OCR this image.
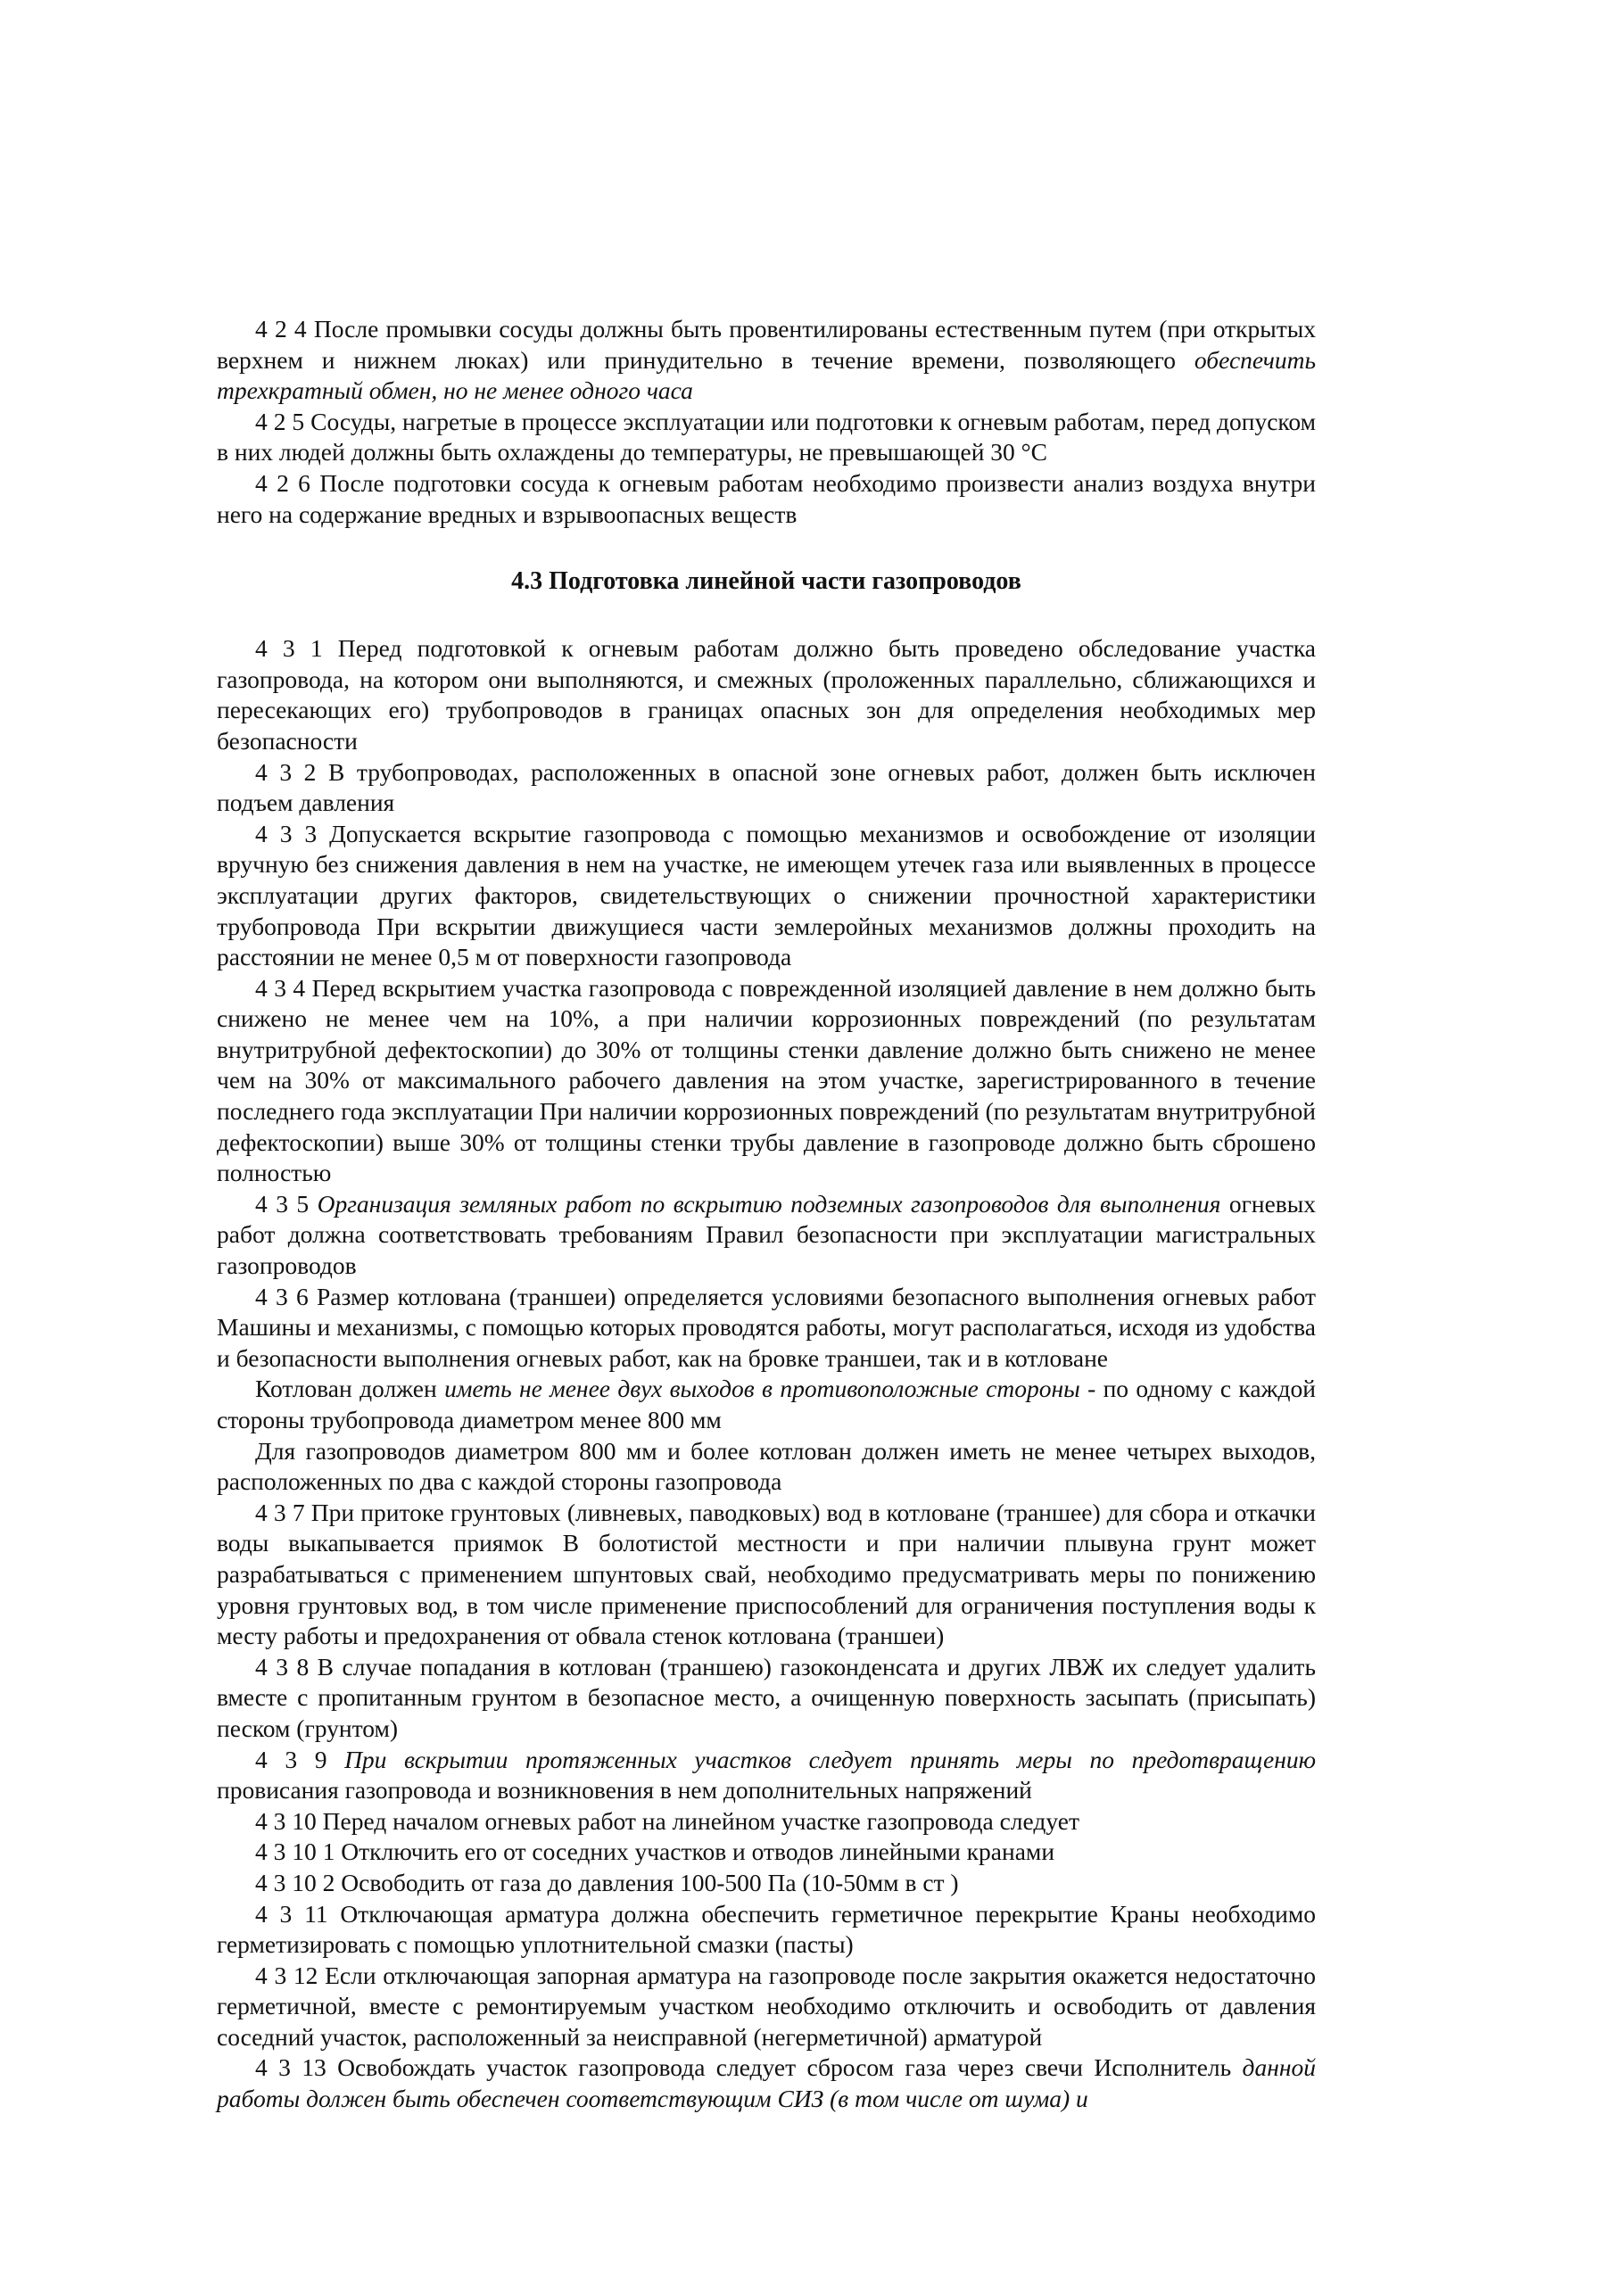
4 2 4 После промывки сосуды должны быть провентилированы естественным путем (при открытых верхнем и нижнем люках) или принудительно в течение времени, позволяющего обеспечить трехкратный обмен, но не менее одного часа

4 2 5 Сосуды, нагретые в процессе эксплуатации или подготовки к огневым работам, перед допуском в них людей должны быть охлаждены до температуры, не превышающей 30 °С

4 2 6 После подготовки сосуда к огневым работам необходимо произвести анализ воздуха внутри него на содержание вредных и взрывоопасных веществ

4.3 Подготовка линейной части газопроводов

4 3 1 Перед подготовкой к огневым работам должно быть проведено обследование участка газопровода, на котором они выполняются, и смежных (проложенных параллельно, сближающихся и пересекающих его) трубопроводов в границах опасных зон для определения необходимых мер безопасности

4 3 2 В трубопроводах, расположенных в опасной зоне огневых работ, должен быть исключен подъем давления

4 3 3 Допускается вскрытие газопровода с помощью механизмов и освобождение от изоляции вручную без снижения давления в нем на участке, не имеющем утечек газа или выявленных в процессе эксплуатации других факторов, свидетельствующих о снижении прочностной характеристики трубопровода При вскрытии движущиеся части землеройных механизмов должны проходить на расстоянии не менее 0,5 м от поверхности газопровода

4 3 4 Перед вскрытием участка газопровода с поврежденной изоляцией давление в нем должно быть снижено не менее чем на 10%, а при наличии коррозионных повреждений (по результатам внутритрубной дефектоскопии) до 30% от толщины стенки давление должно быть снижено не менее чем на 30% от максимального рабочего давления на этом участке, зарегистрированного в течение последнего года эксплуатации При наличии коррозионных повреждений (по результатам внутритрубной дефектоскопии) выше 30% от толщины стенки трубы давление в газопроводе должно быть сброшено полностью

4 3 5 Организация земляных работ по вскрытию подземных газопроводов для выполнения огневых работ должна соответствовать требованиям Правил безопасности при эксплуатации магистральных газопроводов

4 3 6 Размер котлована (траншеи) определяется условиями безопасного выполнения огневых работ Машины и механизмы, с помощью которых проводятся работы, могут располагаться, исходя из удобства и безопасности выполнения огневых работ, как на бровке траншеи, так и в котловане

Котлован должен иметь не менее двух выходов в противоположные стороны - по одному с каждой стороны трубопровода диаметром менее 800 мм

Для газопроводов диаметром 800 мм и более котлован должен иметь не менее четырех выходов, расположенных по два с каждой стороны газопровода

4 3 7 При притоке грунтовых (ливневых, паводковых) вод в котловане (траншее) для сбора и откачки воды выкапывается приямок В болотистой местности и при наличии плывуна грунт может разрабатываться с применением шпунтовых свай, необходимо предусматривать меры по понижению уровня грунтовых вод, в том числе применение приспособлений для ограничения поступления воды к месту работы и предохранения от обвала стенок котлована (траншеи)

4 3 8 В случае попадания в котлован (траншею) газоконденсата и других ЛВЖ их следует удалить вместе с пропитанным грунтом в безопасное место, а очищенную поверхность засыпать (присыпать) песком (грунтом)

4 3 9 При вскрытии протяженных участков следует принять меры по предотвращению провисания газопровода и возникновения в нем дополнительных напряжений

4 3 10 Перед началом огневых работ на линейном участке газопровода следует

4 3 10 1 Отключить его от соседних участков и отводов линейными кранами

4 3 10 2 Освободить от газа до давления 100-500 Па (10-50мм в ст )

4 3 11 Отключающая арматура должна обеспечить герметичное перекрытие Краны необходимо герметизировать с помощью уплотнительной смазки (пасты)

4 3 12 Если отключающая запорная арматура на газопроводе после закрытия окажется недостаточно герметичной, вместе с ремонтируемым участком необходимо отключить и освободить от давления соседний участок, расположенный за неисправной (негерметичной) арматурой

4 3 13 Освобождать участок газопровода следует сбросом газа через свечи Исполнитель данной работы должен быть обеспечен соответствующим СИЗ (в том числе от шума) и
